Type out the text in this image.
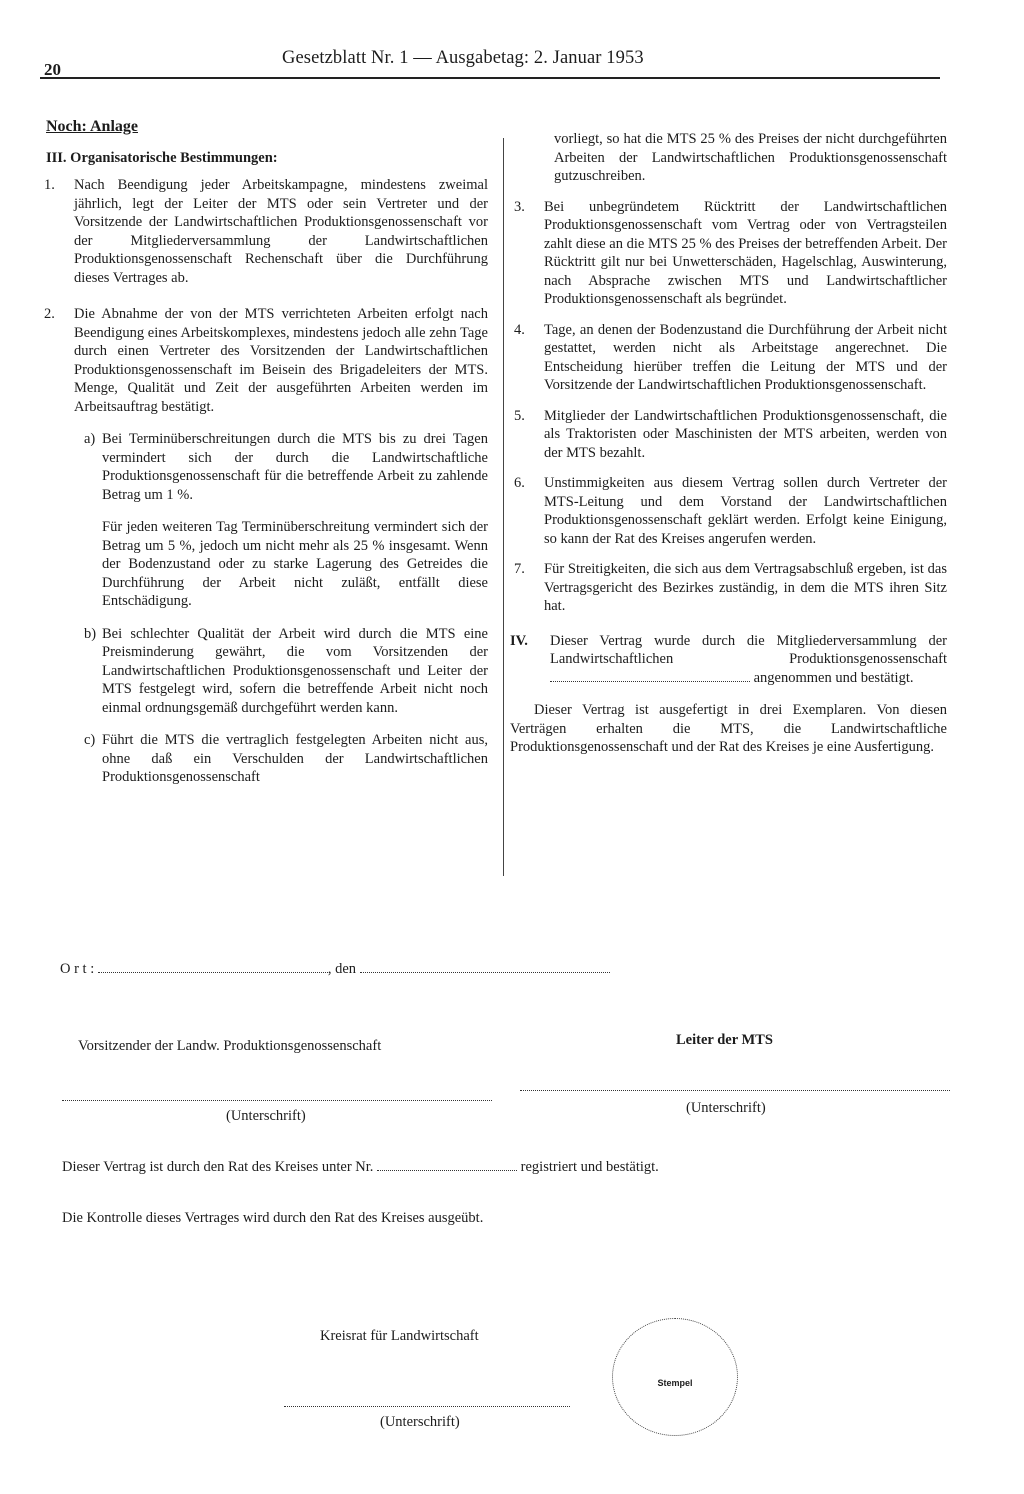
20
Gesetzblatt Nr. 1 — Ausgabetag: 2. Januar 1953
Noch: Anlage
III. Organisatorische Bestimmungen:
1.	Nach Beendigung jeder Arbeitskampagne, mindestens zweimal jährlich, legt der Leiter der MTS oder sein Vertreter und der Vorsitzende der Landwirtschaftlichen Produktionsgenossenschaft vor der Mitgliederversammlung der Landwirtschaftlichen Produktionsgenossenschaft Rechenschaft über die Durchführung dieses Vertrages ab.
2.	Die Abnahme der von der MTS verrichteten Arbeiten erfolgt nach Beendigung eines Arbeitskomplexes, mindestens jedoch alle zehn Tage durch einen Vertreter des Vorsitzenden der Landwirtschaftlichen Produktionsgenossenschaft im Beisein des Brigadeleiters der MTS. Menge, Qualität und Zeit der ausgeführten Arbeiten werden im Arbeitsauftrag bestätigt.
a) Bei Terminüberschreitungen durch die MTS bis zu drei Tagen vermindert sich der durch die Landwirtschaftliche Produktionsgenossenschaft für die betreffende Arbeit zu zahlende Betrag um 1 %.

Für jeden weiteren Tag Terminüberschreitung vermindert sich der Betrag um 5 %, jedoch um nicht mehr als 25 % insgesamt. Wenn der Bodenzustand oder zu starke Lagerung des Getreides die Durchführung der Arbeit nicht zuläßt, entfällt diese Entschädigung.

b) Bei schlechter Qualität der Arbeit wird durch die MTS eine Preisminderung gewährt, die vom Vorsitzenden der Landwirtschaftlichen Produktionsgenossenschaft und Leiter der MTS festgelegt wird, sofern die betreffende Arbeit nicht noch einmal ordnungsgemäß durchgeführt werden kann.

c) Führt die MTS die vertraglich festgelegten Arbeiten nicht aus, ohne daß ein Verschulden der Landwirtschaftlichen Produktionsgenossenschaft

vorliegt, so hat die MTS 25 % des Preises der nicht durchgeführten Arbeiten der Landwirtschaftlichen Produktionsgenossenschaft gutzuschreiben.
3.	Bei unbegründetem Rücktritt der Landwirtschaftlichen Produktionsgenossenschaft vom Vertrag oder von Vertragsteilen zahlt diese an die MTS 25 % des Preises der betreffenden Arbeit. Der Rücktritt gilt nur bei Unwetterschäden, Hagelschlag, Auswinterung, nach Absprache zwischen MTS und Landwirtschaftlicher Produktionsgenossenschaft als begründet.
4.	Tage, an denen der Bodenzustand die Durchführung der Arbeit nicht gestattet, werden nicht als Arbeitstage angerechnet. Die Entscheidung hierüber treffen die Leitung der MTS und der Vorsitzende der Landwirtschaftlichen Produktionsgenossenschaft.
5.	Mitglieder der Landwirtschaftlichen Produktionsgenossenschaft, die als Traktoristen oder Maschinisten der MTS arbeiten, werden von der MTS bezahlt.
6.	Unstimmigkeiten aus diesem Vertrag sollen durch Vertreter der MTS-Leitung und dem Vorstand der Landwirtschaftlichen Produktionsgenossenschaft geklärt werden. Erfolgt keine Einigung, so kann der Rat des Kreises angerufen werden.
7.	Für Streitigkeiten, die sich aus dem Vertragsabschluß ergeben, ist das Vertragsgericht des Bezirkes zuständig, in dem die MTS ihren Sitz hat.
IV.	Dieser Vertrag wurde durch die Mitgliederversammlung der Landwirtschaftlichen Produktionsgenossenschaft  angenommen und bestätigt.
Dieser Vertrag ist ausgefertigt in drei Exemplaren. Von diesen Verträgen erhalten die MTS, die Landwirtschaftliche Produktionsgenossenschaft und der Rat des Kreises je eine Ausfertigung.
O r t :	, den
Vorsitzender der Landw. Produktionsgenossenschaft	Leiter der MTS
(Unterschrift)	(Unterschrift)
Dieser Vertrag ist durch den Rat des Kreises unter Nr.	registriert und bestätigt.
Die Kontrolle dieses Vertrages wird durch den Rat des Kreises ausgeübt.
Kreisrat für Landwirtschaft
(Unterschrift)
Stempel
